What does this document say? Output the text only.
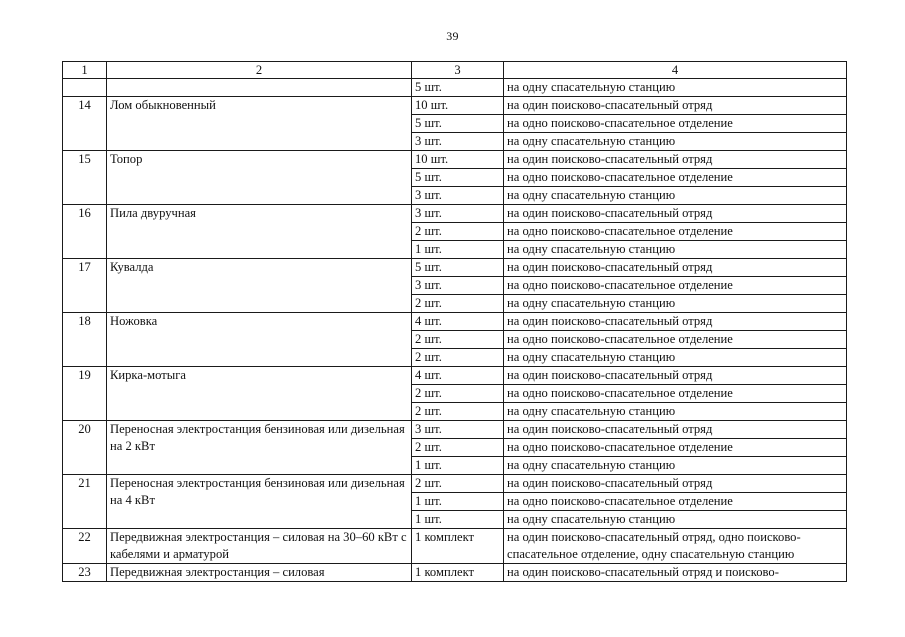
39
1	2	3	4
		5 шт.	на одну спасательную станцию
14	Лом обыкновенный	10 шт.	на один поисково-спасательный отряд
		5 шт.	на одно поисково-спасательное отделение
		3 шт.	на одну спасательную станцию
15	Топор	10 шт.	на один поисково-спасательный отряд
		5 шт.	на одно поисково-спасательное отделение
		3 шт.	на одну спасательную станцию
16	Пила двуручная	3 шт.	на один поисково-спасательный отряд
		2 шт.	на одно поисково-спасательное отделение
		1 шт.	на одну спасательную станцию
17	Кувалда	5 шт.	на один поисково-спасательный отряд
		3 шт.	на одно поисково-спасательное отделение
		2 шт.	на одну спасательную станцию
18	Ножовка	4 шт.	на один поисково-спасательный отряд
		2 шт.	на одно поисково-спасательное отделение
		2 шт.	на одну спасательную станцию
19	Кирка-мотыга	4 шт.	на один поисково-спасательный отряд
		2 шт.	на одно поисково-спасательное отделение
		2 шт.	на одну спасательную станцию
20	Переносная электростанция бензиновая или дизельная на 2 кВт	3 шт.	на один поисково-спасательный отряд
		2 шт.	на одно поисково-спасательное отделение
		1 шт.	на одну спасательную станцию
21	Переносная электростанция бензиновая или дизельная на 4 кВт	2 шт.	на один поисково-спасательный отряд
		1 шт.	на одно поисково-спасательное отделение
		1 шт.	на одну спасательную станцию
22	Передвижная электростанция – силовая на 30–60 кВт с кабелями и арматурой	1 комплект	на один поисково-спасательный отряд, одно поисково-спасательное отделение, одну спасательную станцию
23	Передвижная электростанция – силовая	1 комплект	на один поисково-спасательный отряд и поисково-
